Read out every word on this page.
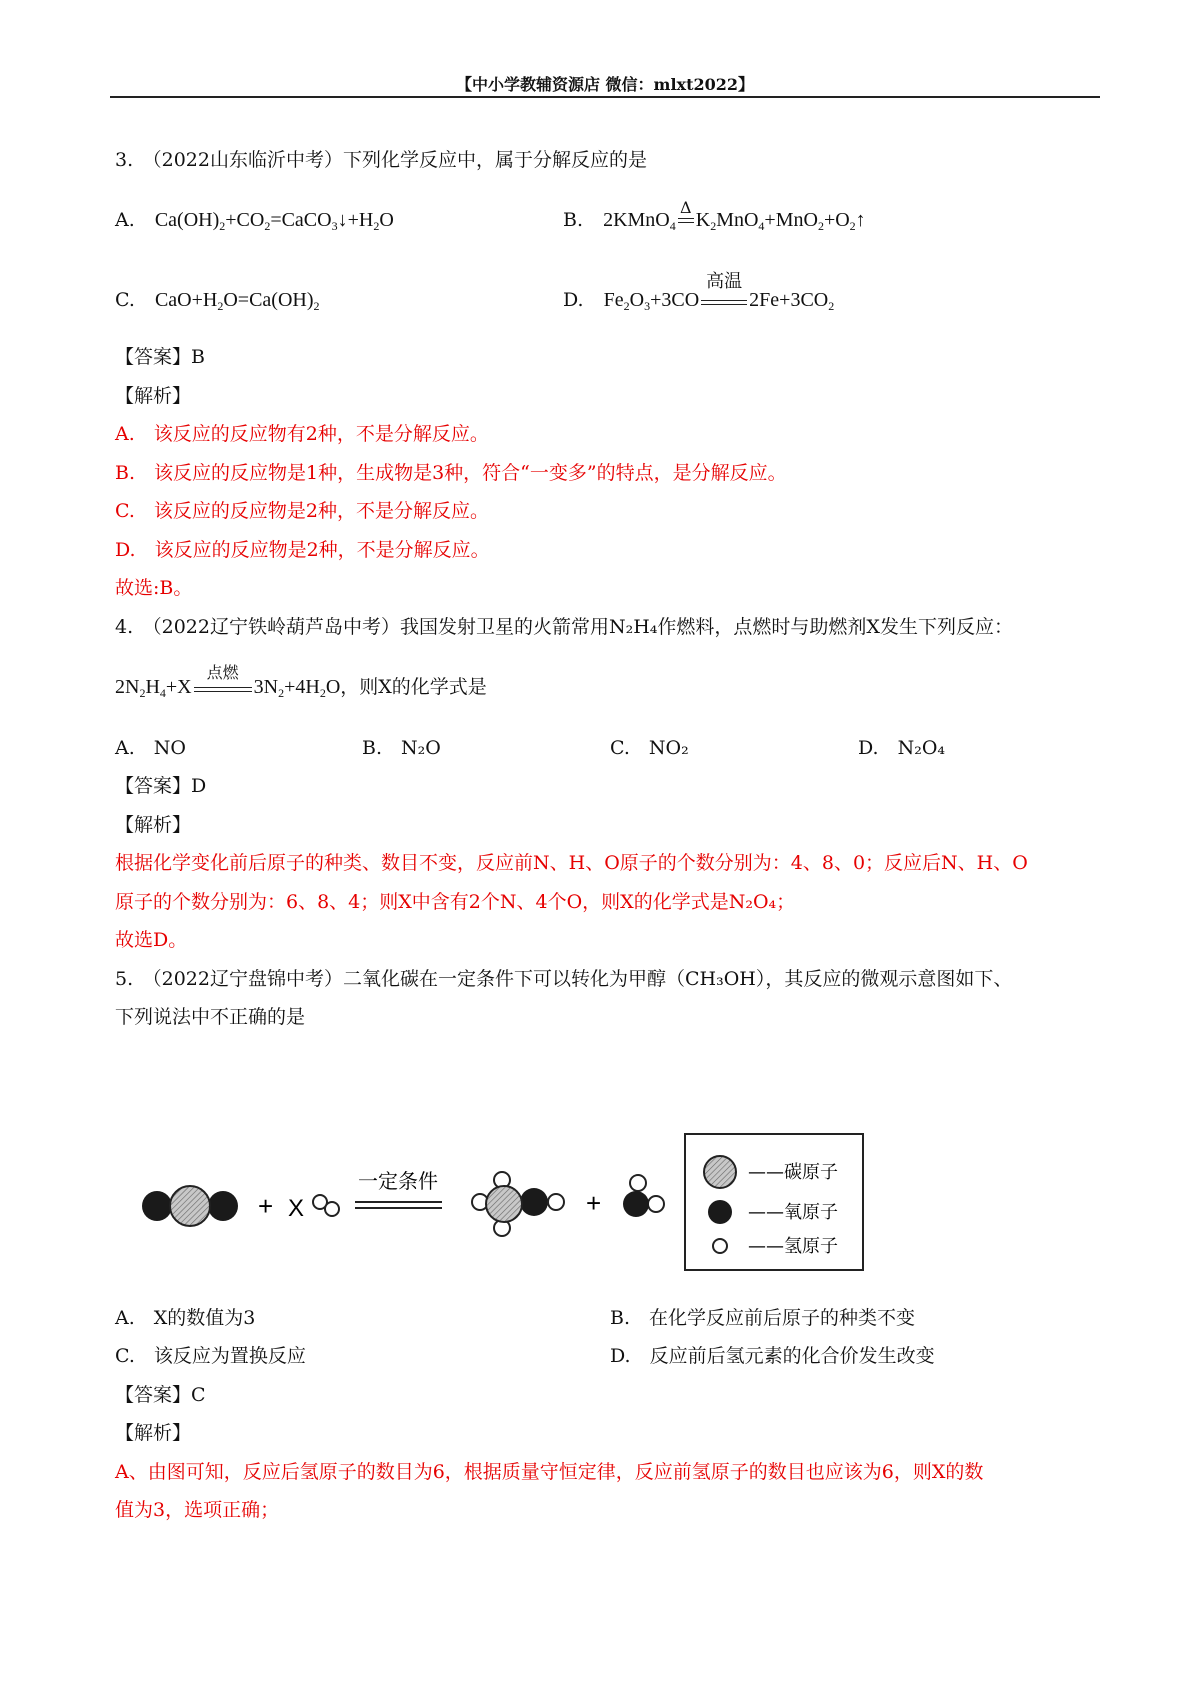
【中小学教辅资源店 微信：mlxt2022】
3.　（2022山东临沂中考）下列化学反应中，属于分解反应的是
A. $Ca(OH)_2+CO_2=CaCO_3↓+H_2O$	B. 2KMnO$_4$
Δ
$K_2MnO_4+MnO_2+O_2↑$
C. $CaO+H_2O=Ca(OH)_2$	D. $Fe_2O_3+3CO$
高温
$2Fe+3CO_2$
【答案】B
【解析】
A.　该反应的反应物有2种，不是分解反应。
B.　该反应的反应物是1种，生成物是3种，符合“一变多”的特点，是分解反应。
C.　该反应的反应物是2种，不是分解反应。
D.　该反应的反应物是2种，不是分解反应。
故选:B。
4.　（2022辽宁铁岭葫芦岛中考）我国发射卫星的火箭常用N₂H₄作燃料，点燃时与助燃剂X发生下列反应：
$2N_2H_4+X$
点燃
$3N_2+4H_2O$，则X的化学式是
A.　NO	B.　N₂O	C.　NO₂	D.　N₂O₄
【答案】D
【解析】
根据化学变化前后原子的种类、数目不变，反应前N、H、O原子的个数分别为：4、8、0；反应后N、H、O
原子的个数分别为：6、8、4；则X中含有2个N、4个O，则X的化学式是N₂O₄；
故选D。
5.　（2022辽宁盘锦中考）二氧化碳在一定条件下可以转化为甲醇（CH₃OH），其反应的微观示意图如下、
下列说法中不正确的是
+ X
一定条件
+
——碳原子
——氧原子
——氢原子
A.　X的数值为3	B.　在化学反应前后原子的种类不变
C.　该反应为置换反应	D.　反应前后氢元素的化合价发生改变
【答案】C
【解析】
A、由图可知，反应后氢原子的数目为6，根据质量守恒定律，反应前氢原子的数目也应该为6，则X的数
值为3，选项正确；
